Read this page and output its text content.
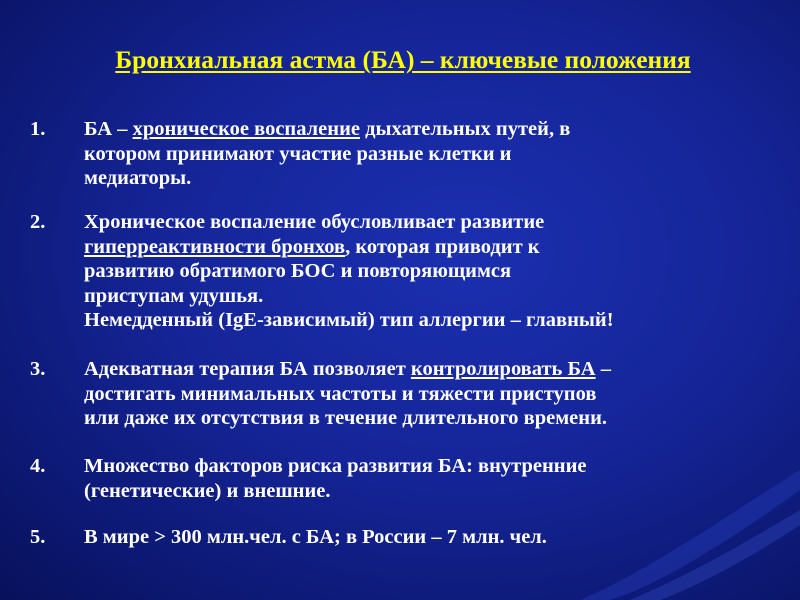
Бронхиальная астма (БА) – ключевые положения
1.	БА – хроническое воспаление дыхательных путей, в
котором принимают участие разные клетки и
медиаторы.
2.	Хроническое воспаление обусловливает развитие
гиперреактивности бронхов, которая приводит к
развитию обратимого БОС и повторяющимся
приступам удушья.
Немедденный (IgE-зависимый) тип аллергии – главный!
3.	Адекватная терапия БА позволяет контролировать БА –
достигать минимальных частоты и тяжести приступов
или даже их отсутствия в течение длительного времени.
4.	Множество факторов риска развития БА: внутренние
(генетические) и внешние.
5.	В мире > 300 млн.чел. с БА; в России – 7 млн. чел.
